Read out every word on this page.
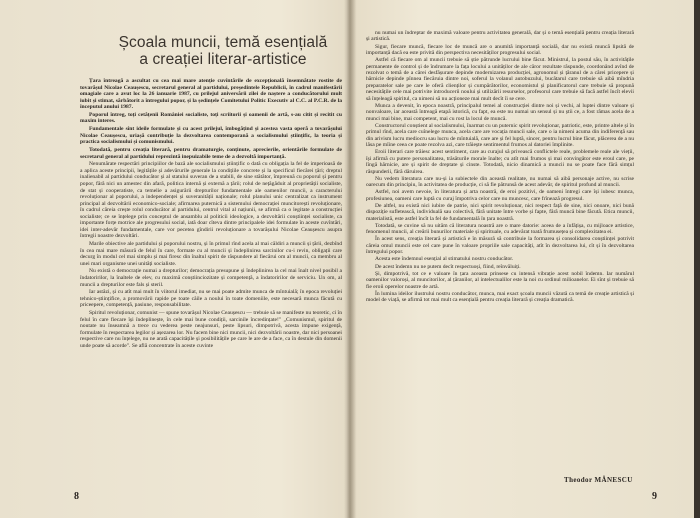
Școala muncii, temă esențială a creației literar-artistice

Țara întreagă a ascultat cu cea mai mare atenție cuvîntările de excepțională însemnătate rostite de tovarășul Nicolae Ceaușescu, secretarul general al partidului, președintele Republicii, în cadrul manifestării omagiale care a avut loc la 26 ianuarie 1987, cu prilejul aniversării zilei de naștere a conducătorului mult iubit și stimat, sărbătorit a întregului popor, și la ședințele Comitetului Politic Executiv al C.C. al P.C.R. de la începutul anului 1987.

Poporul întreg, toți cetățenii României socialiste, toți scriitorii și oamenii de artă, s-au citit și recitit cu maxim interes.

Fundamentale sînt ideile formulate și cu acest prilejul, îmbogățind și acestea vasta operă a tovarășului Nicolae Ceaușescu, uriașă contribuție la dezvoltarea contemporană a socialismului științific, la teoria și practica socialismului și comunismului.

Totodată, pentru creația literară, pentru dramaturgie, conținute, aprecierile, orientările formulate de secretarul general al partidului reprezintă inepuizabile teme de a dezvoltă importanță.

Nenumărate respectări principiilor de bază ale socialismului științific o dată cu obligația la fel de imperioasă de a aplica aceste principii, legitățile și adevărurile generale la condițiile concrete și la specificul fiecărei țări; dreptul inalienabil al partidului conducător și al statului suveran de a stabili, de sine stătător, împreună cu poporul și pentru popor, fără nici un amestec din afară, politica internă și externă a țării; rolul de nețăgăduit al proprietății socialiste, de stat și cooperatiste, ca temelie a asigurării drepturilor fundamentale ale oamenilor muncii, a caracterului revoluționar al poporului, a independenței și suveranității naționale; rolul planului unic centralizat ca instrument principal al dezvoltării economico-sociale; afirmarea puternică a sistemului democrației muncitorești revoluționare, în cadrul căreia crește rolul conducător al partidului, centrul vital al națiunii, se afirmă ca o legitate a construcției socialiste; ce se înțelege prin conceptul de ansamblu al politicii ideologice, a dezvoltării conștiinței socialiste, ca importante forțe motrice ale progresului social, iată doar cîteva dintre principalele idei formulate în aceste cuvîntări, idei inter-adevăr fundamentale, care vor pecetea gîndirii revoluționare a tovarășului Nicolae Ceaușescu asupra întregii noastre dezvoltări.

Marile obiective ale partidului și poporului nostru, și în primul rînd acela al mai căldiri a muncii și țării, dezbînd în cea mai mare măsură de felul în care, formate cu al muncii și îndeplinirea sarcinilor cu-i revin, obligații care decurg în modul cel mai simplu și mai firesc din înaltul spirit de răspundere al fiecărui om al muncii, ca membru al unei mari organisme unei unități socialiste.

Nu există o democrație numai a drepturilor; democrația presupune și îndeplinirea la cel mai înalt nivel posibil a îndatoririlor, la înaltele de elev, cu maximă conștiinciozitate și competență, a îndatoririlor de serviciu. Un om, al muncii a drepturilor este fals și steril.

Iar astăzi, și cu atît mai mult în viitorul imediat, nu se mai poate admite munca de mîntuială; în epoca revoluției tehnico-științifice, a promovării rapide pe toate căile a noului în toate domeniile, este necesară munca făcută cu priceepere, competență, pasiune, responsabilitate.

Spiritul revoluționar, comunist — spune tovarășul Nicolae Ceaușescu — trebuie să se manifeste nu teoretic, ci în felul în care fiecare își îndeplinește, în cele mai bune condiții, sarcinile încredințate!" „Comunismul, spiritul de noutate nu înseamnă a trece cu vederea peste neajunsuri, peste lipsuri, dimpotrivă, acesta impune exigență, formulate în respectarea legilor și așezarea lor. Nu facem bine nici muncii, nici dezvoltării noastre, dar nici persoanei respective care nu înțelege, nu ne arată capacitățile și posibilitățile pe care le are de a face, ca în destule din domenii unde poate să acorde". Se află concentrate în aceste cuvinte

8

nu numai un îndreptar de maximă valoare pentru activitatea generală, dar și o temă esențială pentru creația literară și artistică.

Sigur, fiecare muncă, fiecare loc de muncă are o anumită importanță socială, dar nu există muncă lipsită de importanță dacă ea este privită din perspectiva necesităților progresului social.

Astfel că fiecare om al muncii trebuie să știe pătrunde lucrului bine făcut. Ministrul, la postul său, în activitățile permanente de control și de îndrumare la fața locului a unităților de ale căror rezultate răspunde, coordonând avînd de rezolvat o temă de a cărei desfășurare depinde modernizarea producției, agronomul și țăranul de a cărei pricepere și hărnicie depinde pînnea fiecăruia dintre noi, soferul la volanul autobuzului, bucătarul care trebuie să aibă mîndria preparatelor sale pe care le oferă clienților și cumpărătorilor, economistul și planificatorul care trebuie să propună necesitățile cele mai potrivite introducerii noului și utilizării resurselor, profesorul care trebuie să facă astfel încît elevii să înțeleagă spiritul, ca nimeni să nu acționeze mai mult decît îi se cere.

Munca a devenit, în epoca noastră, principalul temei al construcției dintre noi și vechi, al luptei dintre valoare și nonvaloare, iar această întreagă etapă istorică, cu fapt, ea este nu numai un sensul și nu știi ce, a fost rămas acela de a munci mai bine, mai competent, mai cu rost la locul de muncă.

Constructorul conștient al socialismului, înarmat cu un puternic spirit revoluționar, patriotic, este, printre altele și în primul rînd, acela care cuînelege munca, acela care are vocația muncii sale, care o ia nimeni acuma din indiferență sau din arivism lucru mediocru sau lucru de mîntuială, care are și fel luptă, sincer, pentru lucrul bine făcut, plăcerea de a nu lăsa pe mîine ceea ce poate rezolva azi, care trăiește sentimentul frumos al datoriei împlinite.

Eroii literari care trăiesc acest sentiment, care au curajul să privească conflictele reale, problemele reale ale vieții, își afirmă cu putere personalitatea, trăsăturile morale înalte; cu atît mai frumos și mai convingător este eroul care, pe lîngă hărnicie, are și spirit de dreptate și cinste. Totodată, nicio dinamică a muncii nu se poate face fără simțul răspunderii, fără dăruirea.

Nu vedem literatura care nu-și ia subiectele din această realitate, nu numai să aibă personaje active, nu scrise oarecum din principiu, în activitatea de producție, ci să fie pătrunsă de acest adevăr, de spiritul profund al muncii.

Astfel, noi avem nevoie, în literatura și arta noastră, de eroi pozitivi, de oameni întregi care își iubesc munca, profesiunea, oameni care luptă cu curaj împotriva celor care nu muncesc, care frînează progresul.

De altfel, nu există nici iubire de patrie, nici spirit revoluționar, nici respect față de sine, nici onoare, nici bună dispoziție sufletească, individuală sau colectivă, fără unitate între vorbe și fapte, fără muncă bine făcută. Etica muncii, materialistă, este astfel încît la fel de fundamentală în țara noastră.

Totodată, se cuvine să nu uităm că literatura noastră are o mare datorie: aceea de a înfățișa, cu mijloace artistice, fenomenul muncii, al creării bunurilor materiale și spirituale, cu adevărat toată frumusețea și complexitatea ei.

În acest sens, creația literară și artistică e în măsură să contribuie la formarea și consolidarea conștiinței potrivit căreia omul muncii este cel care pune în valoare propriile sale capacități, atît în dezvoltarea lui, cît și în dezvoltarea întregului popor.

Acesta este îndemnul esențial al stimatului nostru conducător.

De acest îndemn nu ne putem decît respectuoși, fiind, reînvăluiți.

Și, dimpotrivă, tot ce e valoare în țara aceasta prinsese cu intensă vibrație acest nobil îndemn. Iar numărul oamenilor valoroși, al muncitorilor, al țăranilor, al intelectualilor este la noi cu ordinul milioanelor. Ei sînt și trebuie să fie eroii operelor noastre de artă.

În lumina ideilor ilustrului nostru conducător, munca, mai exact școala muncii văzută ca temă de creație artistică și model de viață, se afirmă tot mai mult ca esențială pentru creația literară și creația dramatică.

Theodor MĂNESCU
9
